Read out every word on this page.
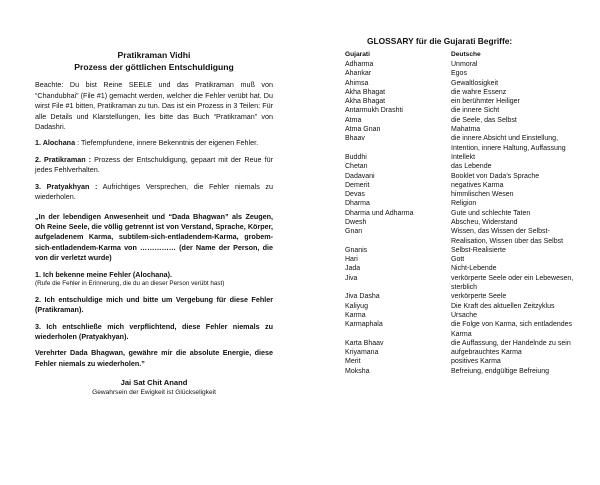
Pratikraman Vidhi
Prozess der göttlichen Entschuldigung

Beachte: Du bist Reine SEELE und das Pratikraman muß von “Chandubhai” (File #1) gemacht werden, welcher die Fehler verübt hat. Du wirst File #1 bitten, Pratikraman zu tun. Das ist ein Prozess in 3 Teilen: Für alle Details und Klarstellungen, lies bitte das Buch “Pratikraman” von Dadashri.

1. Alochana : Tiefempfundene, innere Bekenntnis der eigenen Fehler.

2. Pratikraman : Prozess der Entschuldigung, gepaart mit der Reue für jedes Fehlverhalten.

3. Pratyakhyan : Aufrichtiges Versprechen, die Fehler niemals zu wiederholen.

„In der lebendigen Anwesenheit und “Dada Bhagwan” als Zeugen, Oh Reine Seele, die völlig getrennt ist von Verstand, Sprache, Körper, aufgeladenem Karma, subtilem-sich-entladendem-Karma, grobem-sich-entladendem-Karma von …………… (der Name der Person, die von dir verletzt wurde)

1. Ich bekenne meine Fehler (Alochana).
(Rufe die Fehler in Erinnerung, die du an dieser Person verübt hast)

2. Ich entschuldige mich und bitte um Vergebung für diese Fehler (Pratikraman).

3. Ich entschließe mich verpflichtend, diese Fehler niemals zu wiederholen (Pratyakhyan).

Verehrter Dada Bhagwan, gewähre mir die absolute Energie, diese Fehler niemals zu wiederholen.”

Jai Sat Chit Anand
Gewahrsein der Ewigkeit ist Glückseligkeit
GLOSSARY für die Gujarati Begriffe:
Gujarati	Deutsche
Adharma	Unmoral
Ahankar	Egos
Ahimsa	Gewaltlosigkeit
Akha Bhagat	die wahre Essenz
Akha Bhagat	ein berühmter Heiliger
Antarmukh Drashti	die innere Sicht
Atma	die Seele, das Selbst
Atma Gnan	Mahatma
Bhaav	die innere Absicht und Einstellung, Intention, innere Haltung, Auffassung
Buddhi	Intellekt
Chetan	das Lebende
Dadavani	Booklet von Dada’s Sprache
Demerit	negatives Karma
Devas	himmlischen Wesen
Dharma	Religion
Dharma und Adharma	Gute und schlechte Taten
Dwesh	Abscheu, Widerstand
Gnan	Wissen, das Wissen der Selbst-Realisation, Wissen über das Selbst
Gnanis	Selbst-Realisierte
Hari	Gott
Jada	Nicht-Lebende
Jiva	verkörperte Seele oder ein Lebewesen, sterblich
Jiva Dasha	verkörperte Seele
Kaliyug	Die Kraft des aktuellen Zeitzyklus
Karma	Ursache
Karmaphala	die Folge von Karma, sich entladendes Karma
Karta Bhaav	die Auffassung, der Handelnde zu sein
Kriyamana	aufgebrauchtes Karma
Merit	positives Karma
Moksha	Befreiung, endgültige Befreiung
